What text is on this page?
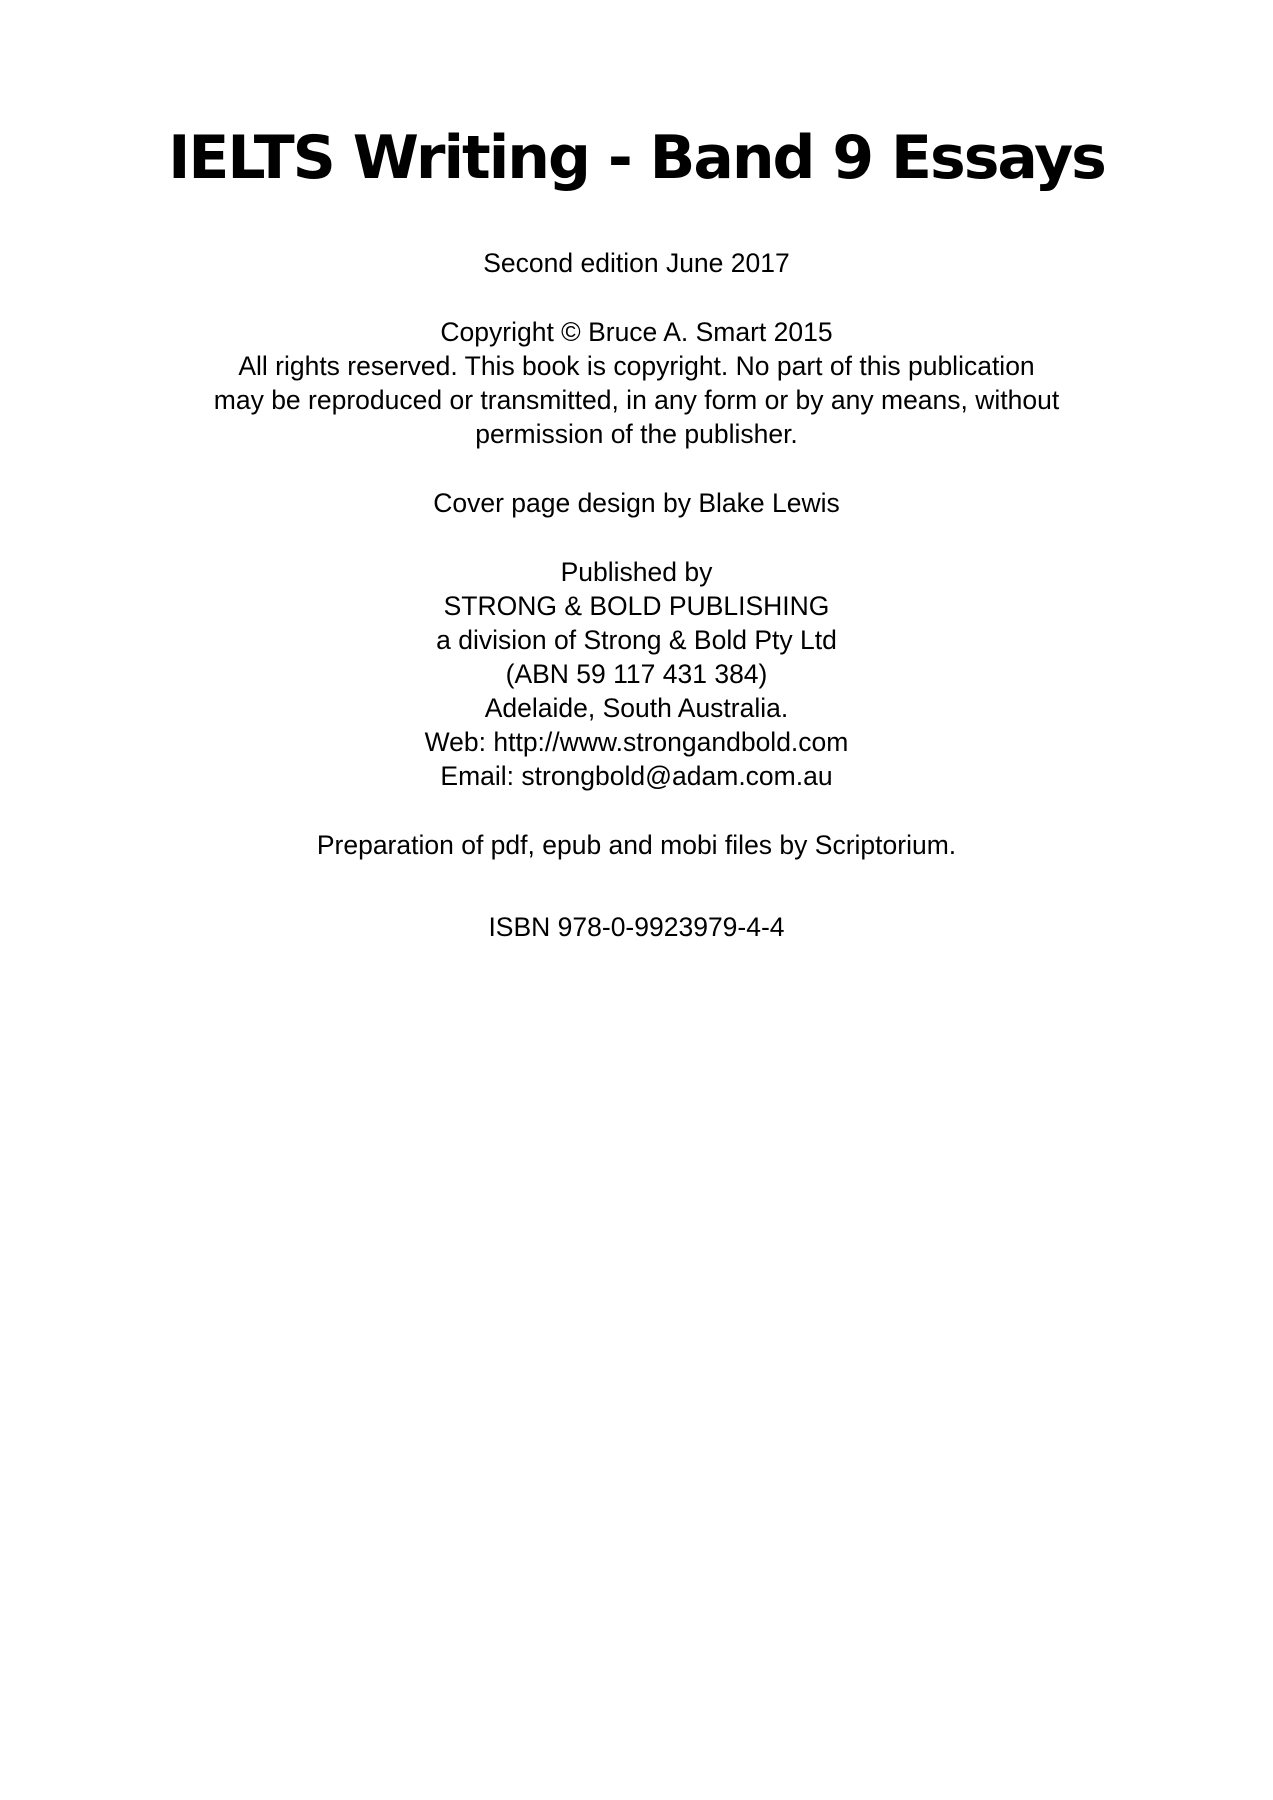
IELTS Writing - Band 9 Essays

Second edition June 2017

Copyright © Bruce A. Smart 2015

All rights reserved. This book is copyright. No part of this publication

may be reproduced or transmitted, in any form or by any means, without

permission of the publisher.

Cover page design by Blake Lewis

Published by

STRONG & BOLD PUBLISHING

a division of Strong & Bold Pty Ltd

(ABN 59 117 431 384)

Adelaide, South Australia.

Web: http://www.strongandbold.com

Email: strongbold@adam.com.au

Preparation of pdf, epub and mobi files by Scriptorium.

ISBN 978-0-9923979-4-4
